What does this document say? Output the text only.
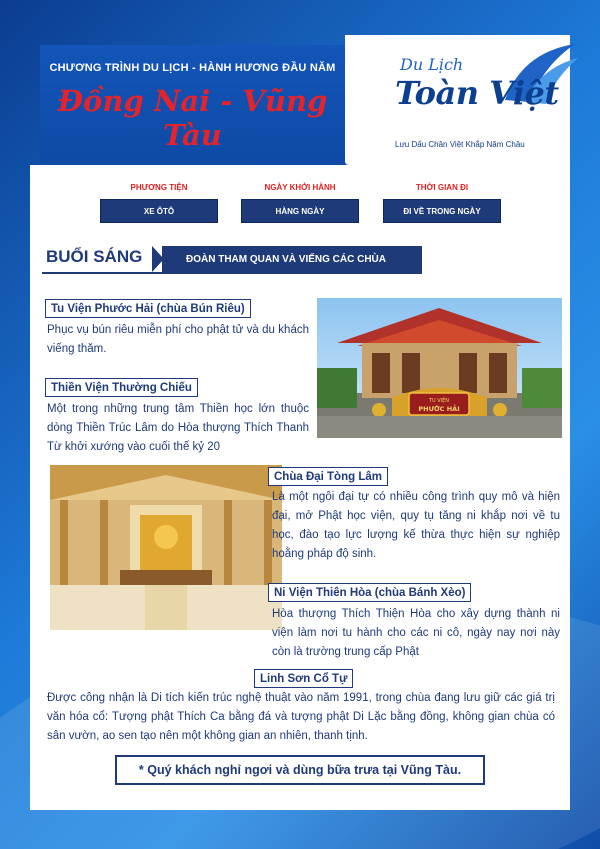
CHƯƠNG TRÌNH DU LỊCH - HÀNH HƯƠNG ĐẦU NĂM
Đồng Nai - Vũng Tàu
Du Lịch
Toàn Việt
Lưu Dấu Chân Việt Khắp Năm Châu
PHƯƠNG TIỆN
XE ÔTÔ
NGÀY KHỞI HÀNH
HÀNG NGÀY
THỜI GIAN ĐI
ĐI VỀ TRONG NGÀY
BUỔI SÁNG	ĐOÀN THAM QUAN VÀ VIẾNG CÁC CHÙA
TU VIỆN
PHƯỚC HẢI
Tu Viện Phước Hải (chùa Bún Riêu)
Phục vụ bún riêu miễn phí cho phật tử và du khách viếng thăm.
Thiền Viện Thường Chiếu
Một trong những trung tâm Thiền học lớn thuộc dòng Thiền Trúc Lâm do Hòa thượng Thích Thanh Từ khởi xướng vào cuối thế kỷ 20
Chùa Đại Tòng Lâm
Là một ngôi đại tự có nhiều công trình quy mô và hiện đại, mở Phật học viện, quy tụ tăng ni khắp nơi về tu học, đào tạo lực lượng kế thừa thực hiện sự nghiệp hoằng pháp độ sinh.
Ni Viện Thiên Hòa (chùa Bánh Xèo)
Hòa thượng Thích Thiện Hòa cho xây dựng thành ni viện làm nơi tu hành cho các ni cô, ngày nay nơi này còn là trường trung cấp Phật
Linh Sơn Cổ Tự
Được công nhận là Di tích kiến trúc nghệ thuật vào năm 1991, trong chùa đang lưu giữ các giá trị văn hóa cổ: Tượng phật Thích Ca bằng đá và tượng phật Di Lặc bằng đồng, không gian chùa có sân vườn, ao sen tạo nên một không gian an nhiên, thanh tịnh.
* Quý khách nghỉ ngơi và dùng bữa trưa tại Vũng Tàu.
